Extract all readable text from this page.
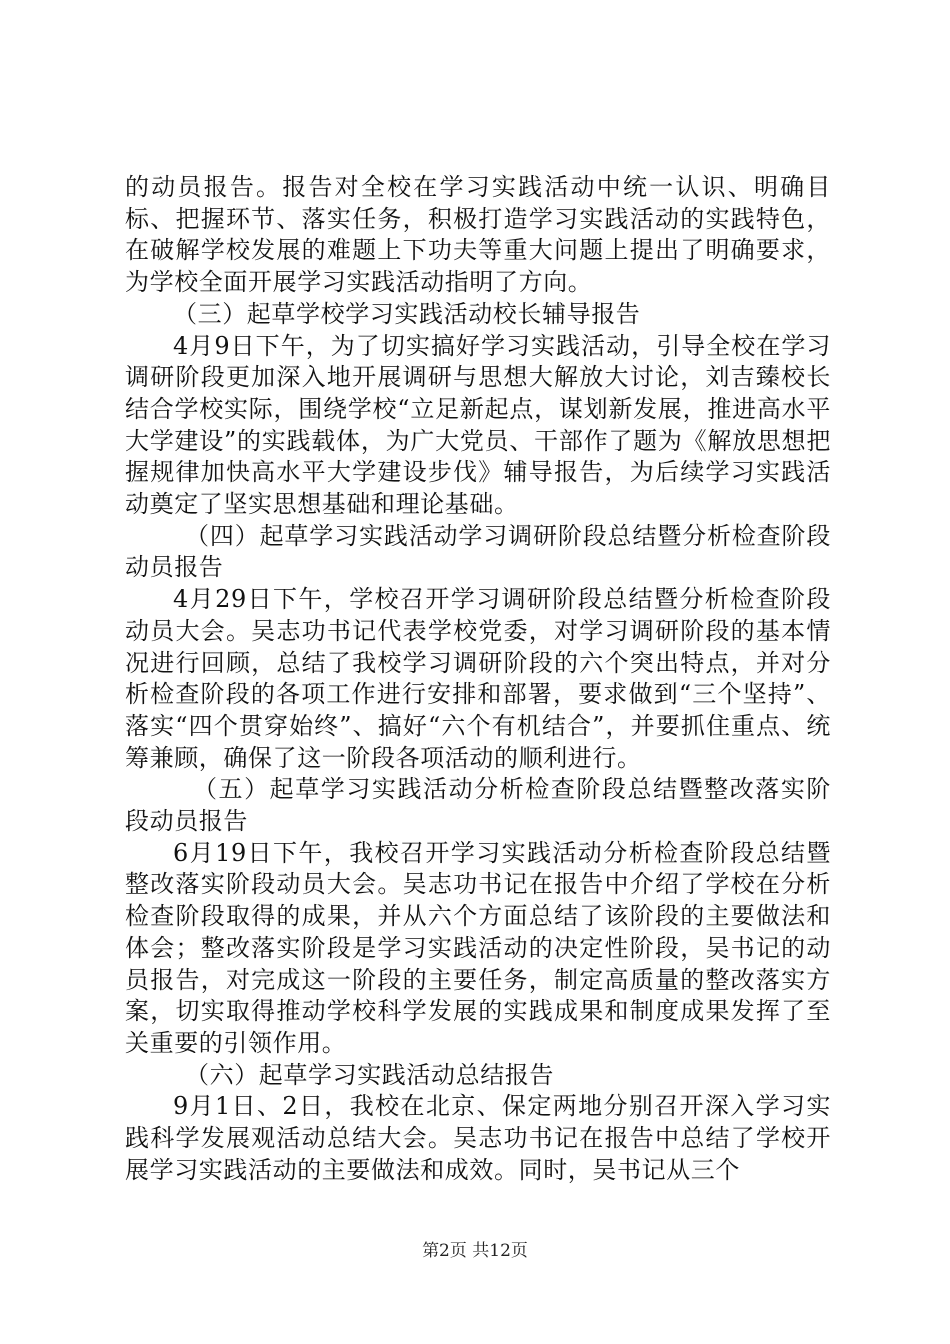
的动员报告。报告对全校在学习实践活动中统一认识、明确目标、把握环节、落实任务，积极打造学习实践活动的实践特色，在破解学校发展的难题上下功夫等重大问题上提出了明确要求，为学校全面开展学习实践活动指明了方向。

（三）起草学校学习实践活动校长辅导报告

4月9日下午，为了切实搞好学习实践活动，引导全校在学习调研阶段更加深入地开展调研与思想大解放大讨论，刘吉臻校长结合学校实际，围绕学校“立足新起点，谋划新发展，推进高水平大学建设”的实践载体，为广大党员、干部作了题为《解放思想把握规律加快高水平大学建设步伐》辅导报告，为后续学习实践活动奠定了坚实思想基础和理论基础。

（四）起草学习实践活动学习调研阶段总结暨分析检查阶段动员报告

4月29日下午，学校召开学习调研阶段总结暨分析检查阶段动员大会。吴志功书记代表学校党委，对学习调研阶段的基本情况进行回顾，总结了我校学习调研阶段的六个突出特点，并对分析检查阶段的各项工作进行安排和部署，要求做到“三个坚持”、落实“四个贯穿始终”、搞好“六个有机结合”，并要抓住重点、统筹兼顾，确保了这一阶段各项活动的顺利进行。

（五）起草学习实践活动分析检查阶段总结暨整改落实阶段动员报告

6月19日下午，我校召开学习实践活动分析检查阶段总结暨整改落实阶段动员大会。吴志功书记在报告中介绍了学校在分析检查阶段取得的成果，并从六个方面总结了该阶段的主要做法和体会；整改落实阶段是学习实践活动的决定性阶段，吴书记的动员报告，对完成这一阶段的主要任务，制定高质量的整改落实方案，切实取得推动学校科学发展的实践成果和制度成果发挥了至关重要的引领作用。

（六）起草学习实践活动总结报告

9月1日、2日，我校在北京、保定两地分别召开深入学习实践科学发展观活动总结大会。吴志功书记在报告中总结了学校开展学习实践活动的主要做法和成效。同时，吴书记从三个

第2页 共12页
